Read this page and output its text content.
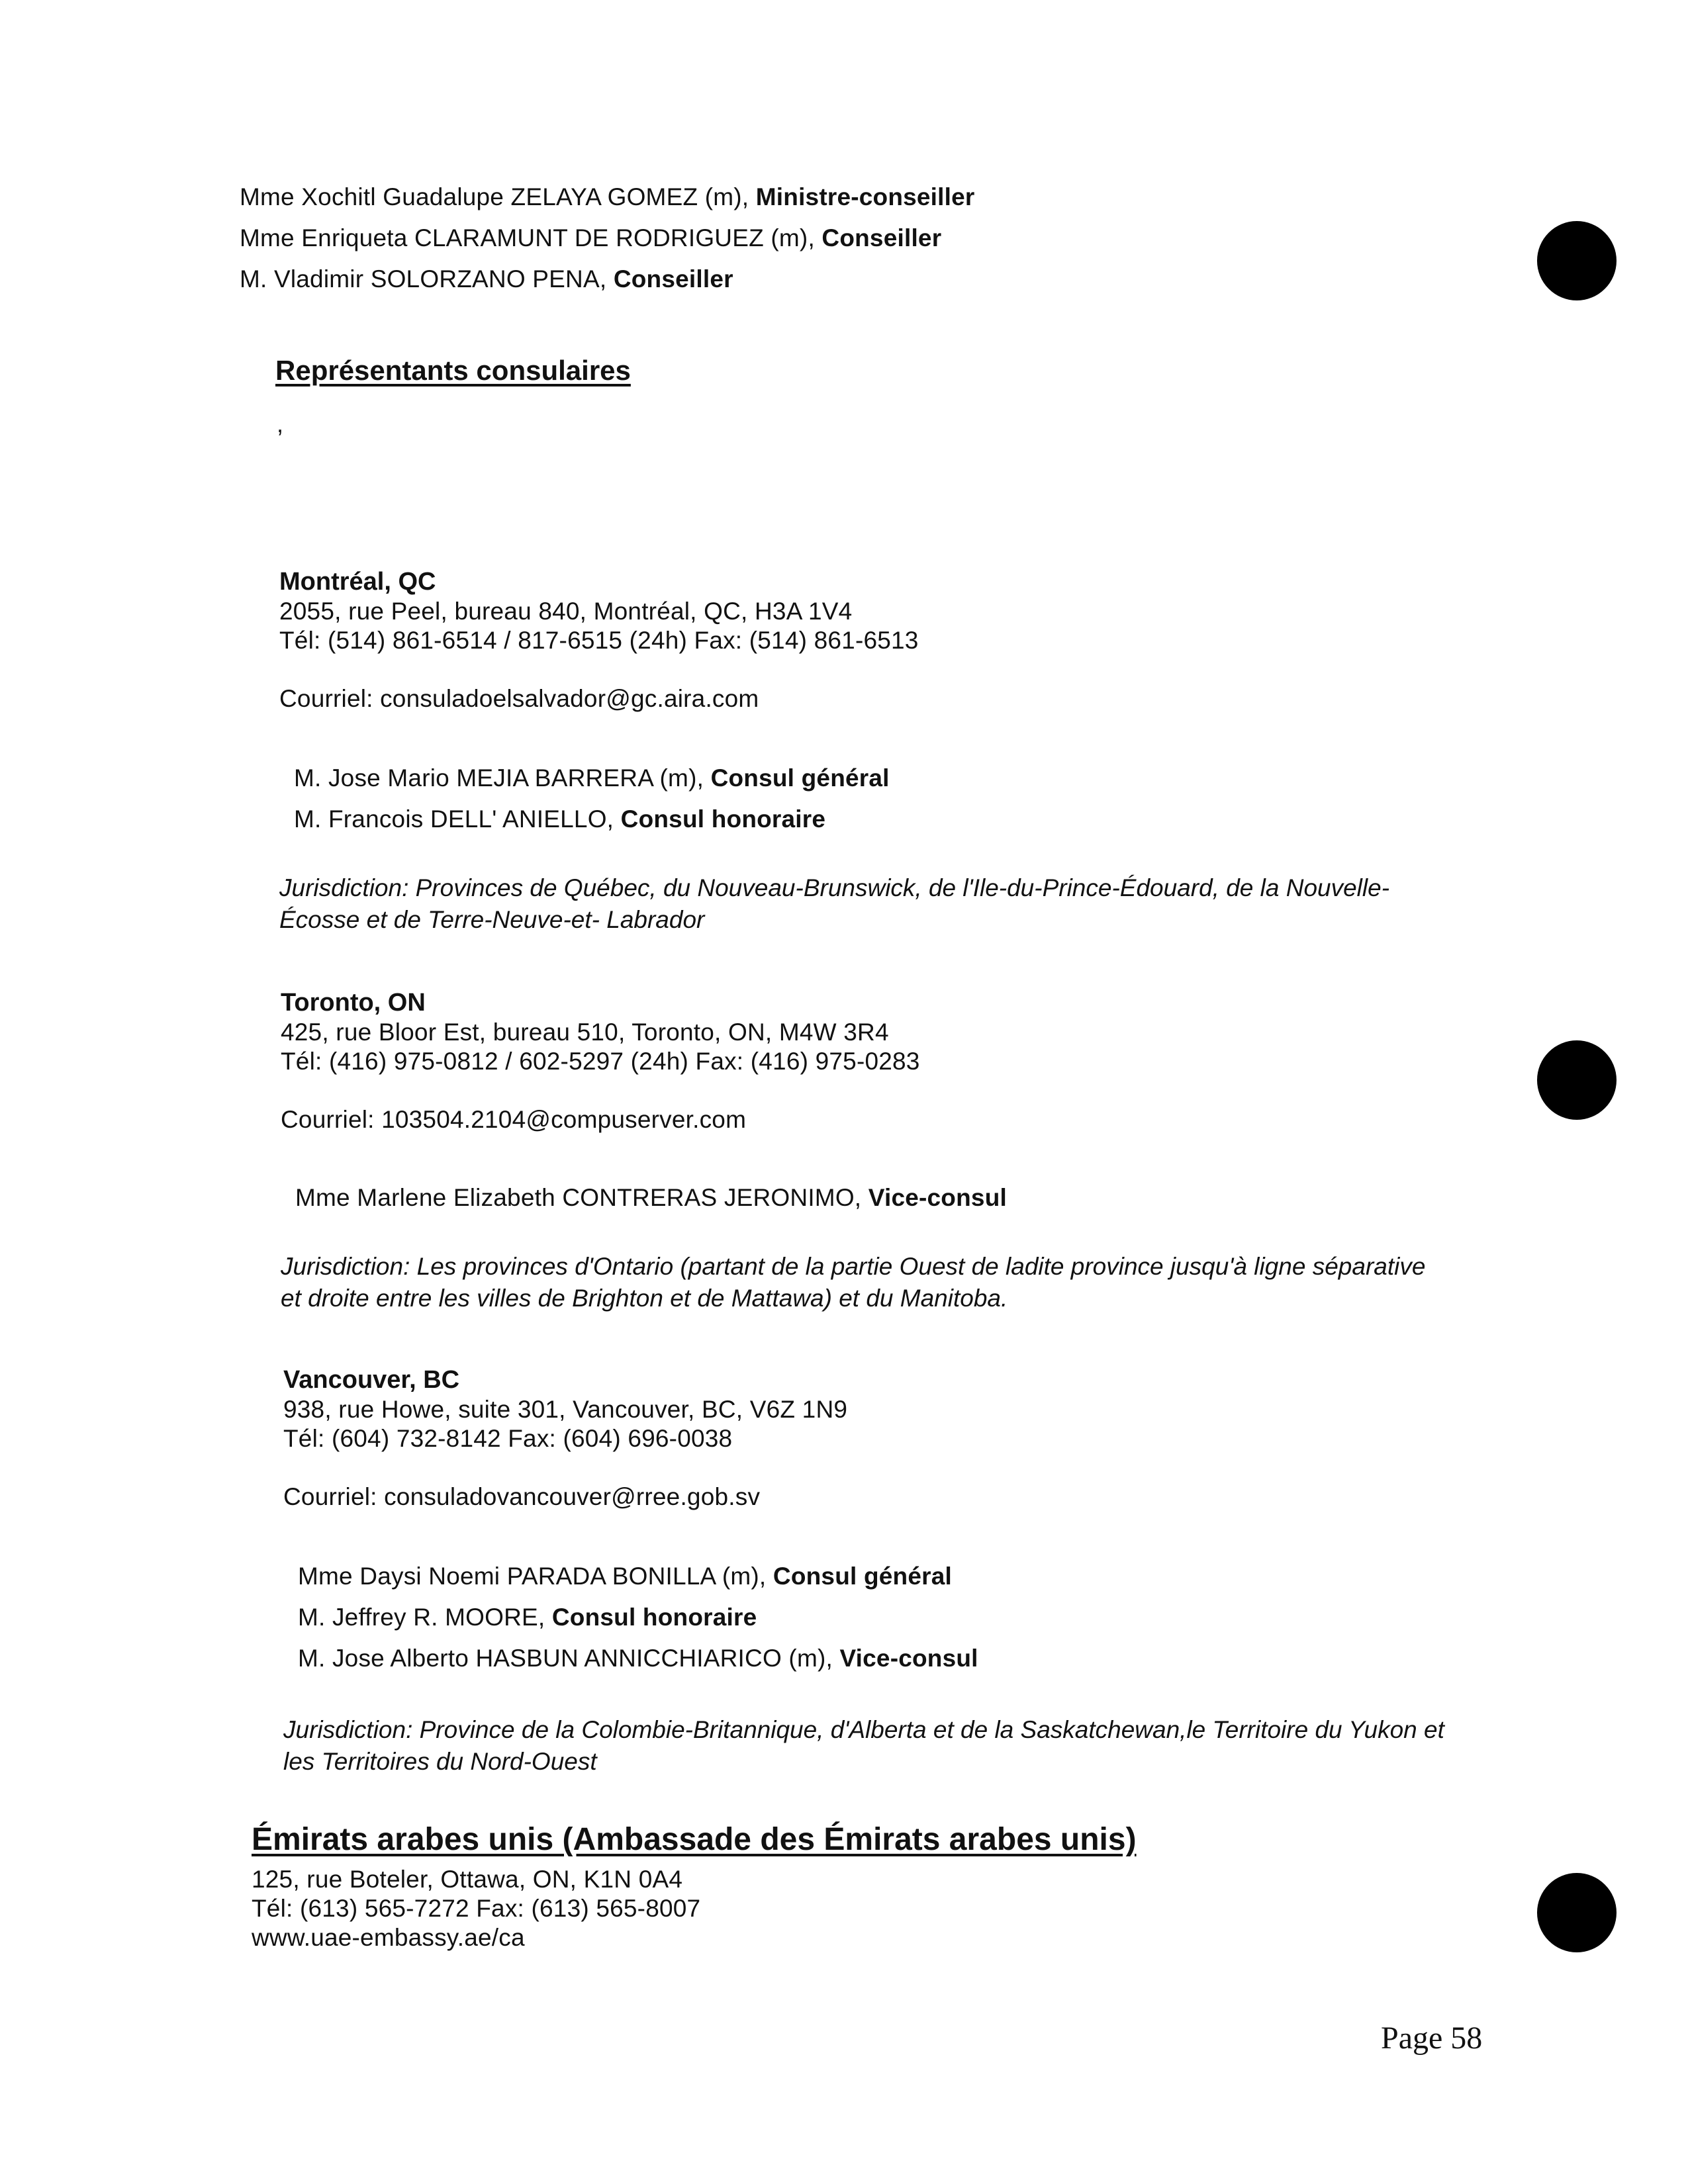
Mme Xochitl Guadalupe ZELAYA GOMEZ (m), Ministre-conseiller
Mme Enriqueta CLARAMUNT DE RODRIGUEZ (m), Conseiller
M. Vladimir SOLORZANO PENA, Conseiller
Représentants consulaires
,
Montréal, QC
2055, rue Peel, bureau 840, Montréal, QC, H3A 1V4
Tél: (514) 861-6514 / 817-6515 (24h) Fax: (514) 861-6513
Courriel: consuladoelsalvador@gc.aira.com
M. Jose Mario MEJIA BARRERA (m), Consul général
M. Francois DELL' ANIELLO, Consul honoraire
Jurisdiction: Provinces de Québec, du Nouveau-Brunswick, de l'Ile-du-Prince-Édouard, de la Nouvelle-Écosse et de Terre-Neuve-et- Labrador
Toronto, ON
425, rue Bloor Est, bureau 510, Toronto, ON, M4W 3R4
Tél: (416) 975-0812 / 602-5297 (24h) Fax: (416) 975-0283
Courriel: 103504.2104@compuserver.com
Mme Marlene Elizabeth CONTRERAS JERONIMO, Vice-consul
Jurisdiction: Les provinces d'Ontario (partant de la partie Ouest de ladite province jusqu'à ligne séparative et droite entre les villes de Brighton et de Mattawa) et du Manitoba.
Vancouver, BC
938, rue Howe, suite 301, Vancouver, BC, V6Z 1N9
Tél: (604) 732-8142 Fax: (604) 696-0038
Courriel: consuladovancouver@rree.gob.sv
Mme Daysi Noemi PARADA BONILLA (m), Consul général
M. Jeffrey R. MOORE, Consul honoraire
M. Jose Alberto HASBUN ANNICCHIARICO (m), Vice-consul
Jurisdiction: Province de la Colombie-Britannique, d'Alberta et de la Saskatchewan,le Territoire du Yukon et les Territoires du Nord-Ouest
Émirats arabes unis (Ambassade des Émirats arabes unis)
125, rue Boteler, Ottawa, ON, K1N 0A4
Tél: (613) 565-7272 Fax: (613) 565-8007
www.uae-embassy.ae/ca
Page 58
